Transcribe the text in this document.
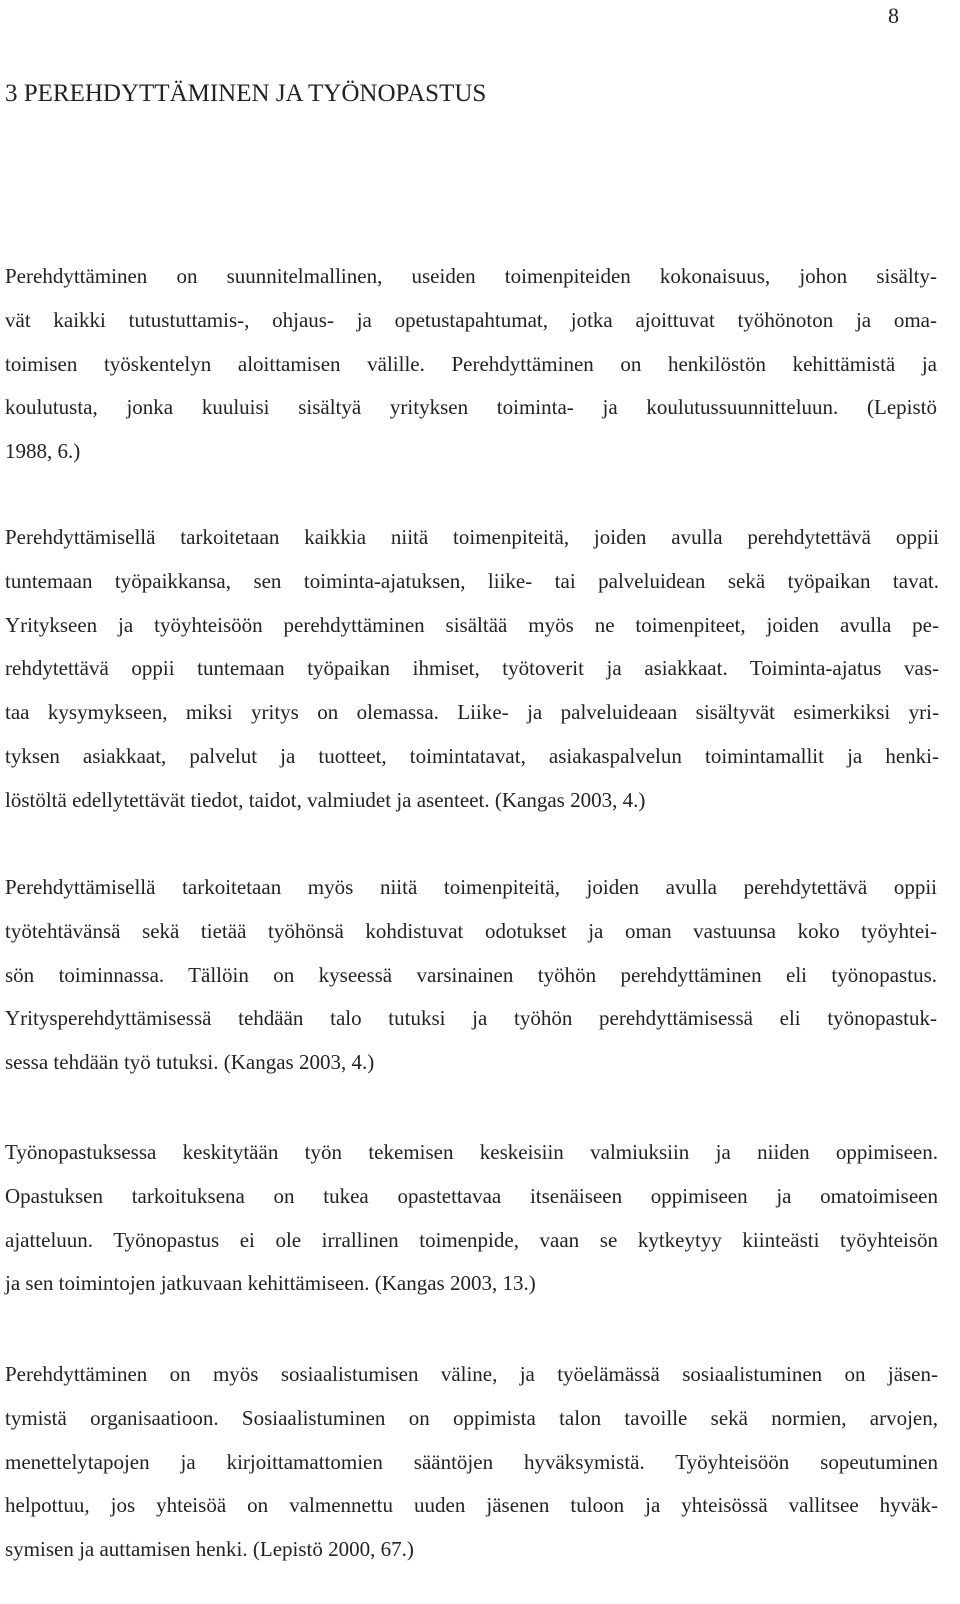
8
3 PEREHDYTTÄMINEN JA TYÖNOPASTUS
Perehdyttäminen on suunnitelmallinen, useiden toimenpiteiden kokonaisuus, johon sisälty-
vät kaikki tutustuttamis-, ohjaus- ja opetustapahtumat, jotka ajoittuvat työhönoton ja oma-
toimisen työskentelyn aloittamisen välille. Perehdyttäminen on henkilöstön kehittämistä ja
koulutusta, jonka kuuluisi sisältyä yrityksen toiminta- ja koulutussuunnitteluun. (Lepistö
1988, 6.)
Perehdyttämisellä tarkoitetaan kaikkia niitä toimenpiteitä, joiden avulla perehdytettävä oppii
tuntemaan työpaikkansa, sen toiminta-ajatuksen, liike- tai palveluidean sekä työpaikan tavat.
Yritykseen ja työyhteisöön perehdyttäminen sisältää myös ne toimenpiteet, joiden avulla pe-
rehdytettävä oppii tuntemaan työpaikan ihmiset, työtoverit ja asiakkaat. Toiminta-ajatus vas-
taa kysymykseen, miksi yritys on olemassa. Liike- ja palveluideaan sisältyvät esimerkiksi yri-
tyksen asiakkaat, palvelut ja tuotteet, toimintatavat, asiakaspalvelun toimintamallit ja henki-
löstöltä edellytettävät tiedot, taidot, valmiudet ja asenteet. (Kangas 2003, 4.)
Perehdyttämisellä tarkoitetaan myös niitä toimenpiteitä, joiden avulla perehdytettävä oppii
työtehtävänsä sekä tietää työhönsä kohdistuvat odotukset ja oman vastuunsa koko työyhtei-
sön toiminnassa. Tällöin on kyseessä varsinainen työhön perehdyttäminen eli työnopastus.
Yritysperehdyttämisessä tehdään talo tutuksi ja työhön perehdyttämisessä eli työnopastuk-
sessa tehdään työ tutuksi. (Kangas 2003, 4.)
Työnopastuksessa keskitytään työn tekemisen keskeisiin valmiuksiin ja niiden oppimiseen.
Opastuksen tarkoituksena on tukea opastettavaa itsenäiseen oppimiseen ja omatoimiseen
ajatteluun. Työnopastus ei ole irrallinen toimenpide, vaan se kytkeytyy kiinteästi työyhteisön
ja sen toimintojen jatkuvaan kehittämiseen. (Kangas 2003, 13.)
Perehdyttäminen on myös sosiaalistumisen väline, ja työelämässä sosiaalistuminen on jäsen-
tymistä organisaatioon. Sosiaalistuminen on oppimista talon tavoille sekä normien, arvojen,
menettelytapojen ja kirjoittamattomien sääntöjen hyväksymistä. Työyhteisöön sopeutuminen
helpottuu, jos yhteisöä on valmennettu uuden jäsenen tuloon ja yhteisössä vallitsee hyväk-
symisen ja auttamisen henki. (Lepistö 2000, 67.)
